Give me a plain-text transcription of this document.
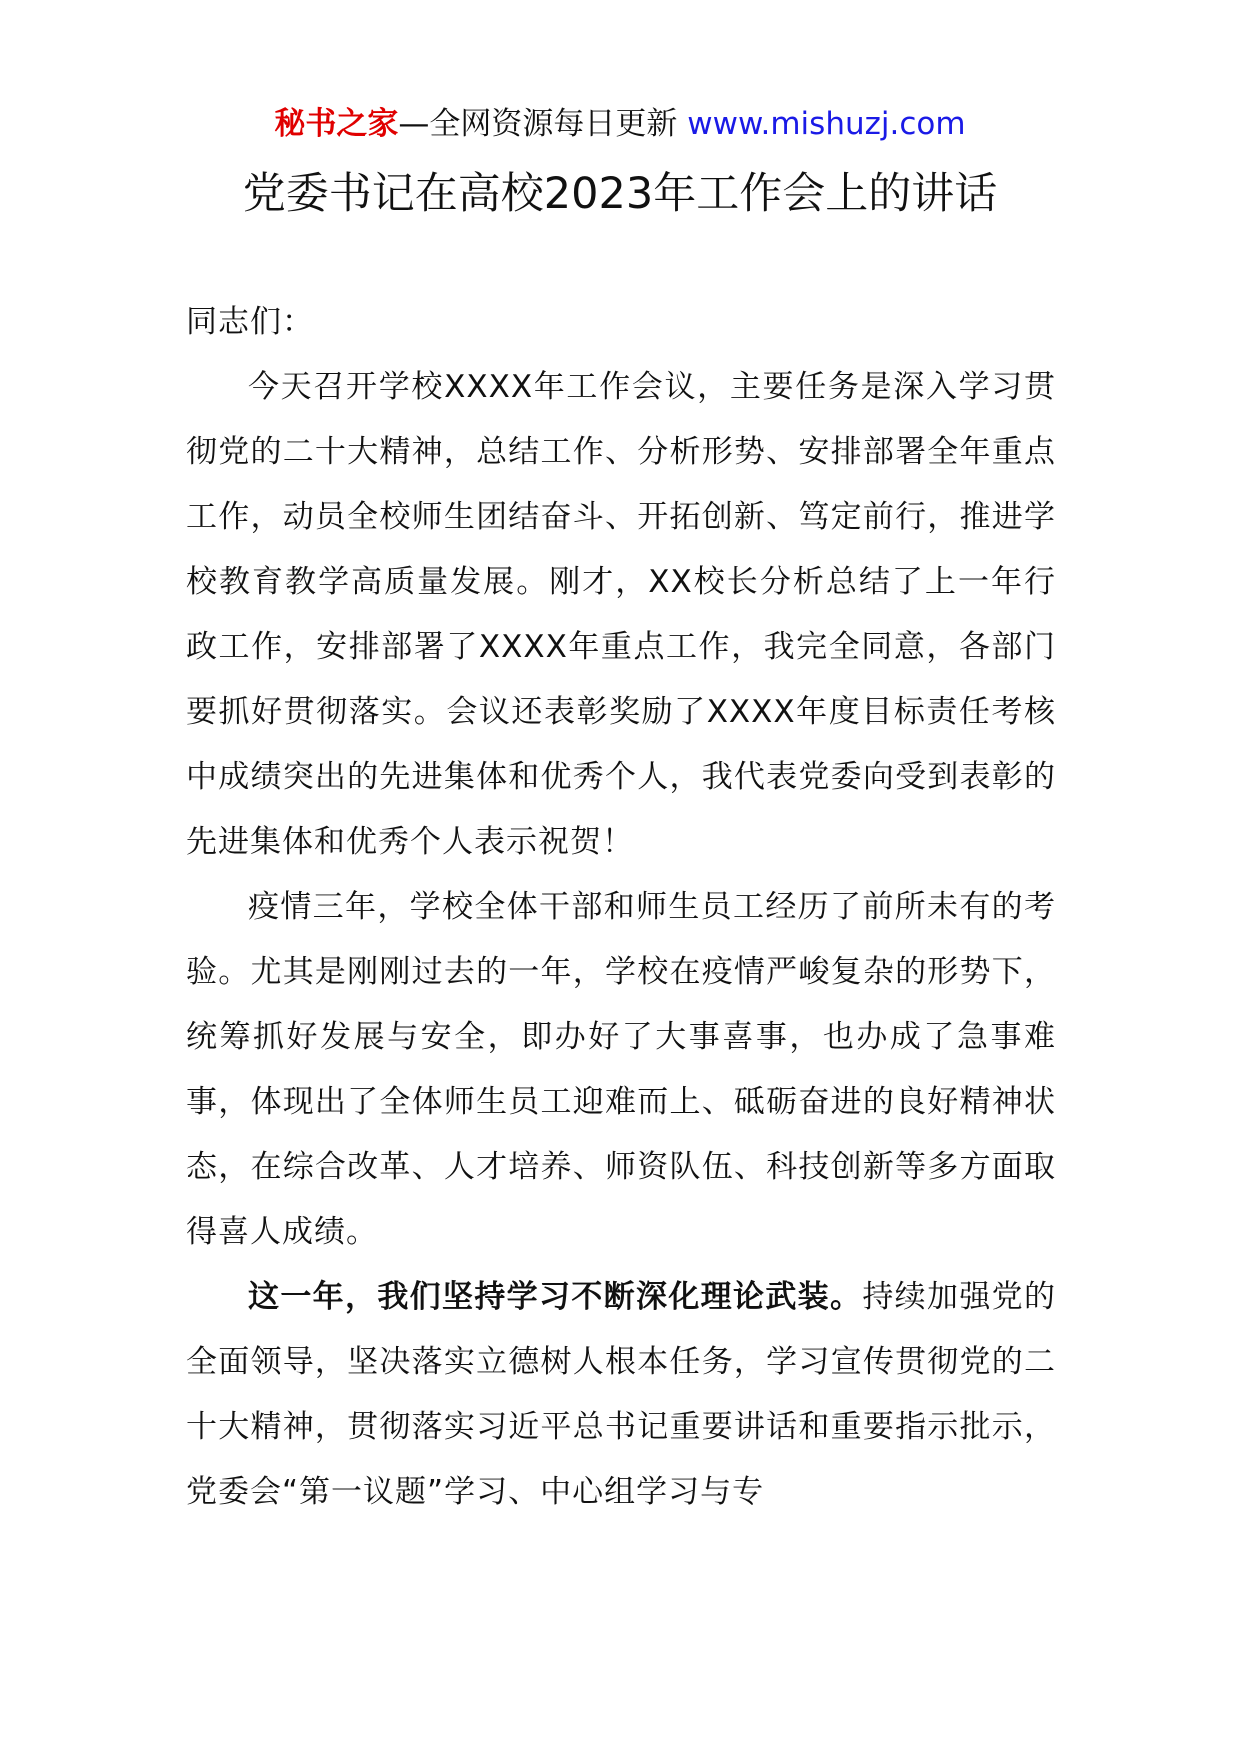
秘书之家—全网资源每日更新 www.mishuzj.com
党委书记在高校2023年工作会上的讲话

同志们：

今天召开学校XXXX年工作会议，主要任务是深入学习贯彻党的二十大精神，总结工作、分析形势、安排部署全年重点工作，动员全校师生团结奋斗、开拓创新、笃定前行，推进学校教育教学高质量发展。刚才，XX校长分析总结了上一年行政工作，安排部署了XXXX年重点工作，我完全同意，各部门要抓好贯彻落实。会议还表彰奖励了XXXX年度目标责任考核中成绩突出的先进集体和优秀个人，我代表党委向受到表彰的先进集体和优秀个人表示祝贺！

疫情三年，学校全体干部和师生员工经历了前所未有的考验。尤其是刚刚过去的一年，学校在疫情严峻复杂的形势下，统筹抓好发展与安全，即办好了大事喜事，也办成了急事难事，体现出了全体师生员工迎难而上、砥砺奋进的良好精神状态，在综合改革、人才培养、师资队伍、科技创新等多方面取得喜人成绩。

这一年，我们坚持学习不断深化理论武装。持续加强党的全面领导，坚决落实立德树人根本任务，学习宣传贯彻党的二十大精神，贯彻落实习近平总书记重要讲话和重要指示批示，党委会“第一议题”学习、中心组学习与专
